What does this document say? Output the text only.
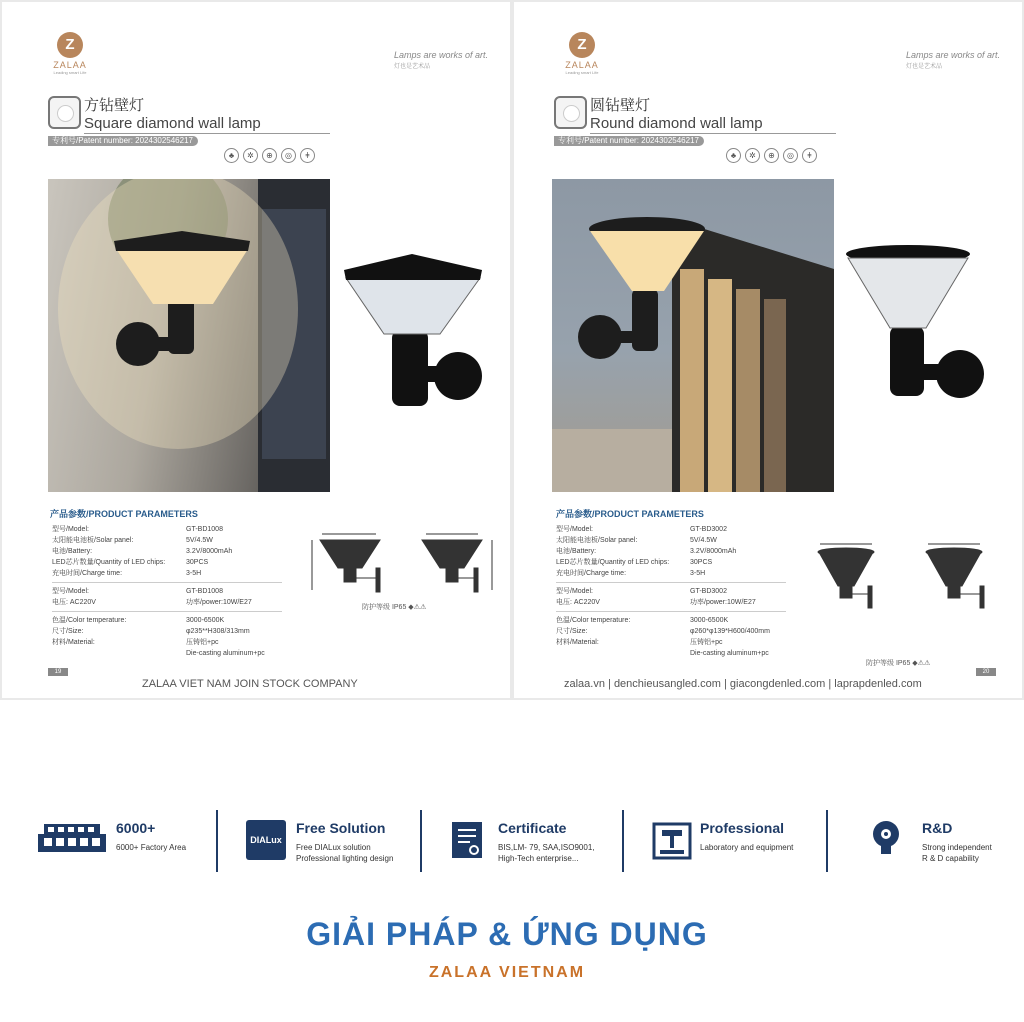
Z
ZALAA
Leading smart Life
Lamps are works of art.
灯也是艺术品
方钻壁灯
Square diamond wall lamp
专利号/Patent number: 2024302546217
♣	✲	⊕	◎	ǂ
产品参数/PRODUCT PARAMETERS
型号/Model:	GT-BD1008
太阳能电池板/Solar panel:	5V/4.5W
电池/Battery:	3.2V/8000mAh
LED芯片数量/Quantity of LED chips:	30PCS
充电时间/Charge time:	3-5H
型号/Model:	GT-BD1008
电压: AC220V	功率/power:10W/E27
色温/Color temperature:	3000-6500K
尺寸/Size:	φ235**H308/313mm
材料/Material:	压铸铝+pc
Die-casting aluminum+pc
防护等级 IP65 ◆⚠⚠
19
ZALAA VIET NAM JOIN STOCK COMPANY
Z
ZALAA
Leading smart Life
Lamps are works of art.
灯也是艺术品
圆钻壁灯
Round diamond wall lamp
专利号/Patent number: 2024302546217
♣	✲	⊕	◎	ǂ
产品参数/PRODUCT PARAMETERS
型号/Model:	GT-BD3002
太阳能电池板/Solar panel:	5V/4.5W
电池/Battery:	3.2V/8000mAh
LED芯片数量/Quantity of LED chips:	30PCS
充电时间/Charge time:	3-5H
型号/Model:	GT-BD3002
电压: AC220V	功率/power:10W/E27
色温/Color temperature:	3000-6500K
尺寸/Size:	φ260*φ139*H600/400mm
材料/Material:	压铸铝+pc
Die-casting aluminum+pc
防护等级 IP65 ◆⚠⚠
20
zalaa.vn | denchieusangled.com | giacongdenled.com | laprapdenled.com
6000+
6000+ Factory Area
DIALux
Free Solution
Free DIALux solution
Professional lighting design
Certificate
BIS,LM- 79, SAA,ISO9001,
High-Tech enterprise...
Professional
Laboratory and equipment
R&D
Strong independent
R & D capability
GIẢI PHÁP & ỨNG DỤNG
ZALAA VIETNAM
